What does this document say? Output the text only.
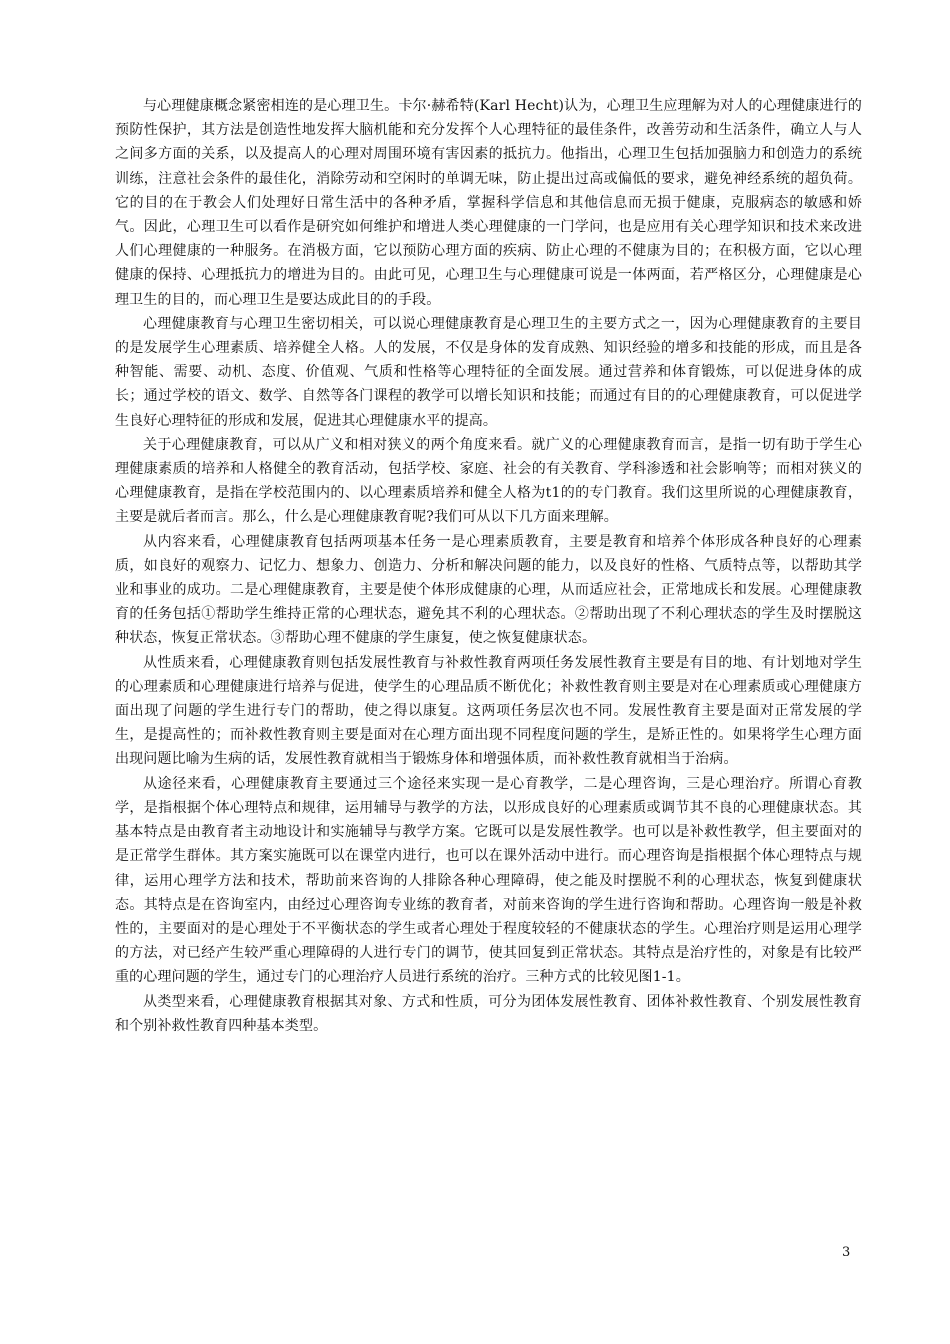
与心理健康概念紧密相连的是心理卫生。卡尔·赫希特(Karl Hecht)认为，心理卫生应理解为对人的心理健康进行的预防性保护，其方法是创造性地发挥大脑机能和充分发挥个人心理特征的最佳条件，改善劳动和生活条件，确立人与人之间多方面的关系，以及提高人的心理对周围环境有害因素的抵抗力。他指出，心理卫生包括加强脑力和创造力的系统训练，注意社会条件的最佳化，消除劳动和空闲时的单调无味，防止提出过高或偏低的要求，避免神经系统的超负荷。它的目的在于教会人们处理好日常生活中的各种矛盾，掌握科学信息和其他信息而无损于健康，克服病态的敏感和娇气。因此，心理卫生可以看作是研究如何维护和增进人类心理健康的一门学问，也是应用有关心理学知识和技术来改进人们心理健康的一种服务。在消极方面，它以预防心理方面的疾病、防止心理的不健康为目的；在积极方面，它以心理健康的保持、心理抵抗力的增进为目的。由此可见，心理卫生与心理健康可说是一体两面，若严格区分，心理健康是心理卫生的目的，而心理卫生是要达成此目的的手段。

心理健康教育与心理卫生密切相关，可以说心理健康教育是心理卫生的主要方式之一，因为心理健康教育的主要目的是发展学生心理素质、培养健全人格。人的发展，不仅是身体的发育成熟、知识经验的增多和技能的形成，而且是各种智能、需要、动机、态度、价值观、气质和性格等心理特征的全面发展。通过营养和体育锻炼，可以促进身体的成长；通过学校的语文、数学、自然等各门课程的教学可以增长知识和技能；而通过有目的的心理健康教育，可以促进学生良好心理特征的形成和发展，促进其心理健康水平的提高。

关于心理健康教育，可以从广义和相对狭义的两个角度来看。就广义的心理健康教育而言，是指一切有助于学生心理健康素质的培养和人格健全的教育活动，包括学校、家庭、社会的有关教育、学科渗透和社会影响等；而相对狭义的心理健康教育，是指在学校范围内的、以心理素质培养和健全人格为t1的的专门教育。我们这里所说的心理健康教育，主要是就后者而言。那么，什么是心理健康教育呢?我们可从以下几方面来理解。

从内容来看，心理健康教育包括两项基本任务一是心理素质教育，主要是教育和培养个体形成各种良好的心理素质，如良好的观察力、记忆力、想象力、创造力、分析和解决问题的能力，以及良好的性格、气质特点等，以帮助其学业和事业的成功。二是心理健康教育，主要是使个体形成健康的心理，从而适应社会，正常地成长和发展。心理健康教育的任务包括①帮助学生维持正常的心理状态，避免其不利的心理状态。②帮助出现了不利心理状态的学生及时摆脱这种状态，恢复正常状态。③帮助心理不健康的学生康复，使之恢复健康状态。

从性质来看，心理健康教育则包括发展性教育与补救性教育两项任务发展性教育主要是有目的地、有计划地对学生的心理素质和心理健康进行培养与促进，使学生的心理品质不断优化；补救性教育则主要是对在心理素质或心理健康方面出现了问题的学生进行专门的帮助，使之得以康复。这两项任务层次也不同。发展性教育主要是面对正常发展的学生，是提高性的；而补救性教育则主要是面对在心理方面出现不同程度问题的学生，是矫正性的。如果将学生心理方面出现问题比喻为生病的话，发展性教育就相当于锻炼身体和增强体质，而补救性教育就相当于治病。

从途径来看，心理健康教育主要通过三个途径来实现一是心育教学，二是心理咨询，三是心理治疗。所谓心育教学，是指根据个体心理特点和规律，运用辅导与教学的方法，以形成良好的心理素质或调节其不良的心理健康状态。其基本特点是由教育者主动地设计和实施辅导与教学方案。它既可以是发展性教学。也可以是补救性教学，但主要面对的是正常学生群体。其方案实施既可以在课堂内进行，也可以在课外活动中进行。而心理咨询是指根据个体心理特点与规律，运用心理学方法和技术，帮助前来咨询的人排除各种心理障碍，使之能及时摆脱不利的心理状态，恢复到健康状态。其特点是在咨询室内，由经过心理咨询专业练的教育者，对前来咨询的学生进行咨询和帮助。心理咨询一般是补救性的，主要面对的是心理处于不平衡状态的学生或者心理处于程度较轻的不健康状态的学生。心理治疗则是运用心理学的方法，对已经产生较严重心理障碍的人进行专门的调节，使其回复到正常状态。其特点是治疗性的，对象是有比较严重的心理问题的学生，通过专门的心理治疗人员进行系统的治疗。三种方式的比较见图1-1。

从类型来看，心理健康教育根据其对象、方式和性质，可分为团体发展性教育、团体补救性教育、个别发展性教育和个别补救性教育四种基本类型。

3
